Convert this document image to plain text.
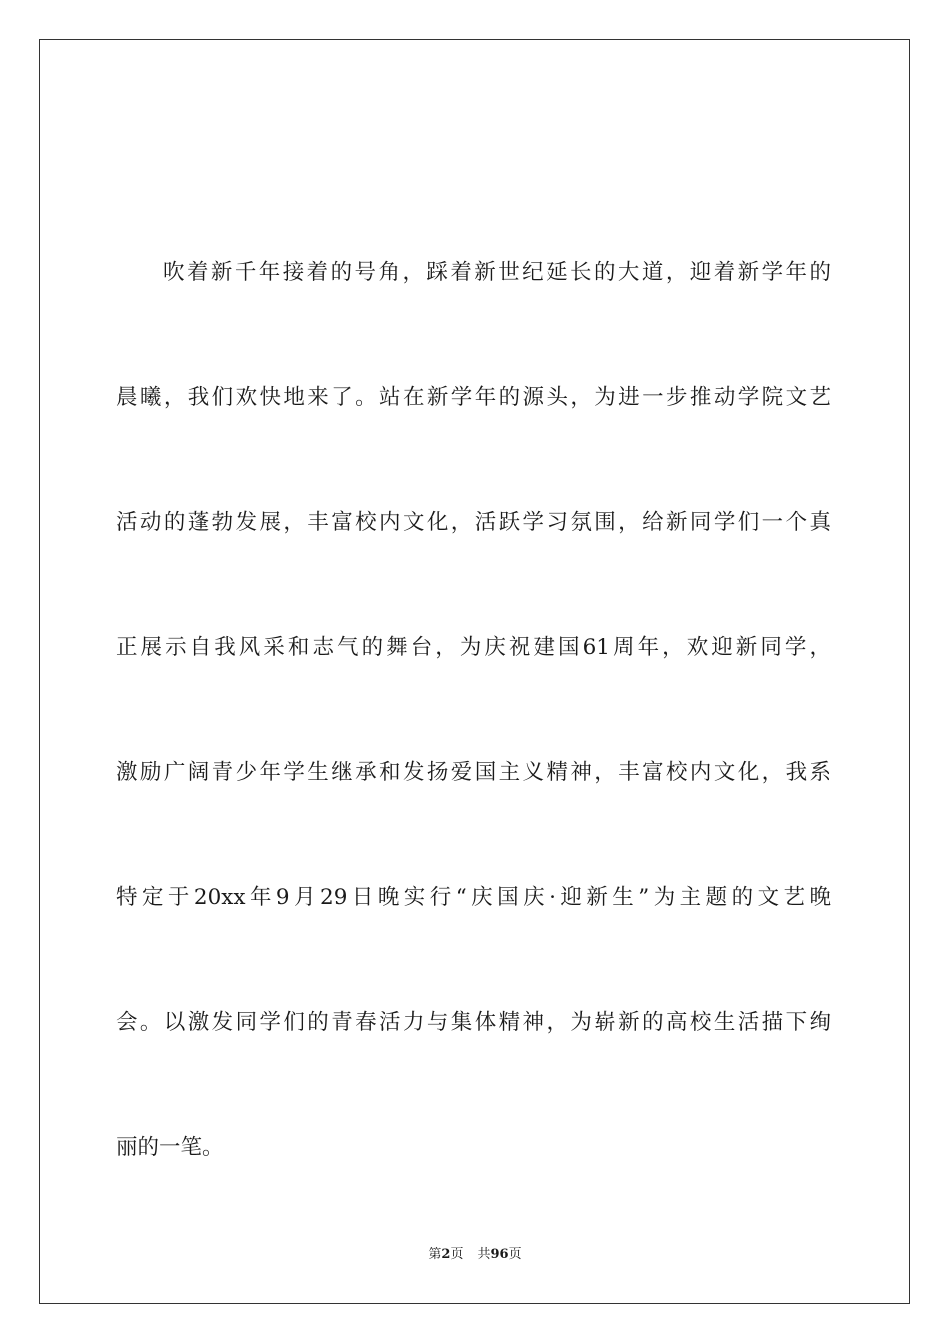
吹着新千年接着的号角，踩着新世纪延长的大道，迎着新学年的
晨曦，我们欢快地来了。站在新学年的源头，为进一步推动学院文艺
活动的蓬勃发展，丰富校内文化，活跃学习氛围，给新同学们一个真
正展示自我风采和志气的舞台，为庆祝建国61周年，欢迎新同学，
激励广阔青少年学生继承和发扬爱国主义精神，丰富校内文化，我系
特定于20xx年9月29日晚实行“庆国庆·迎新生”为主题的文艺晚
会。以激发同学们的青春活力与集体精神，为崭新的高校生活描下绚
丽的一笔。
第2页 共96页
